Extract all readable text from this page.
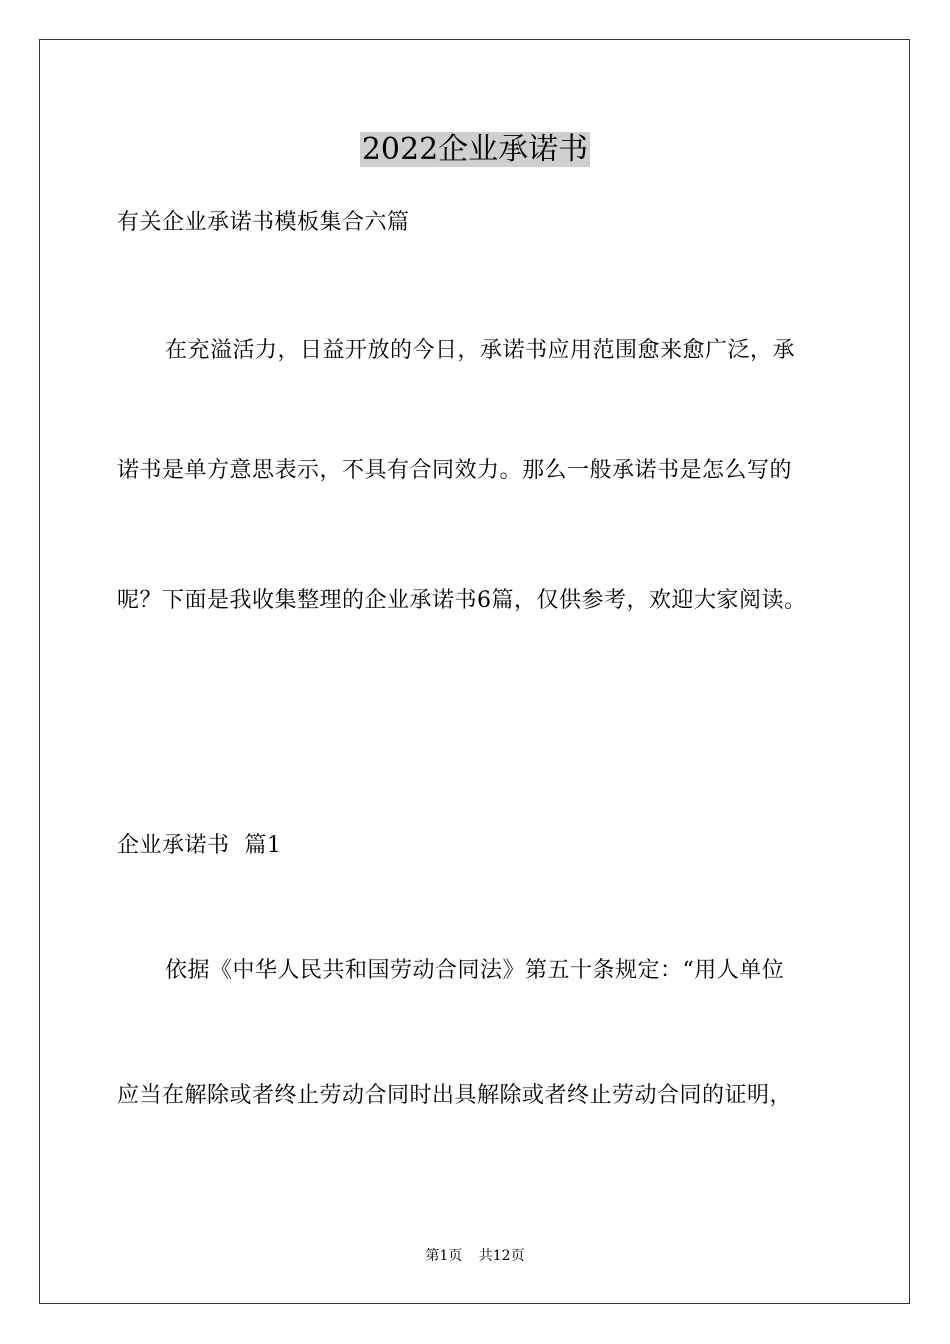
2022企业承诺书
有关企业承诺书模板集合六篇
在充溢活力，日益开放的今日，承诺书应用范围愈来愈广泛，承
诺书是单方意思表示，不具有合同效力。那么一般承诺书是怎么写的
呢？下面是我收集整理的企业承诺书6篇，仅供参考，欢迎大家阅读。
企业承诺书  篇1
依据《中华人民共和国劳动合同法》第五十条规定：“用人单位
应当在解除或者终止劳动合同时出具解除或者终止劳动合同的证明，
第1页 共12页
